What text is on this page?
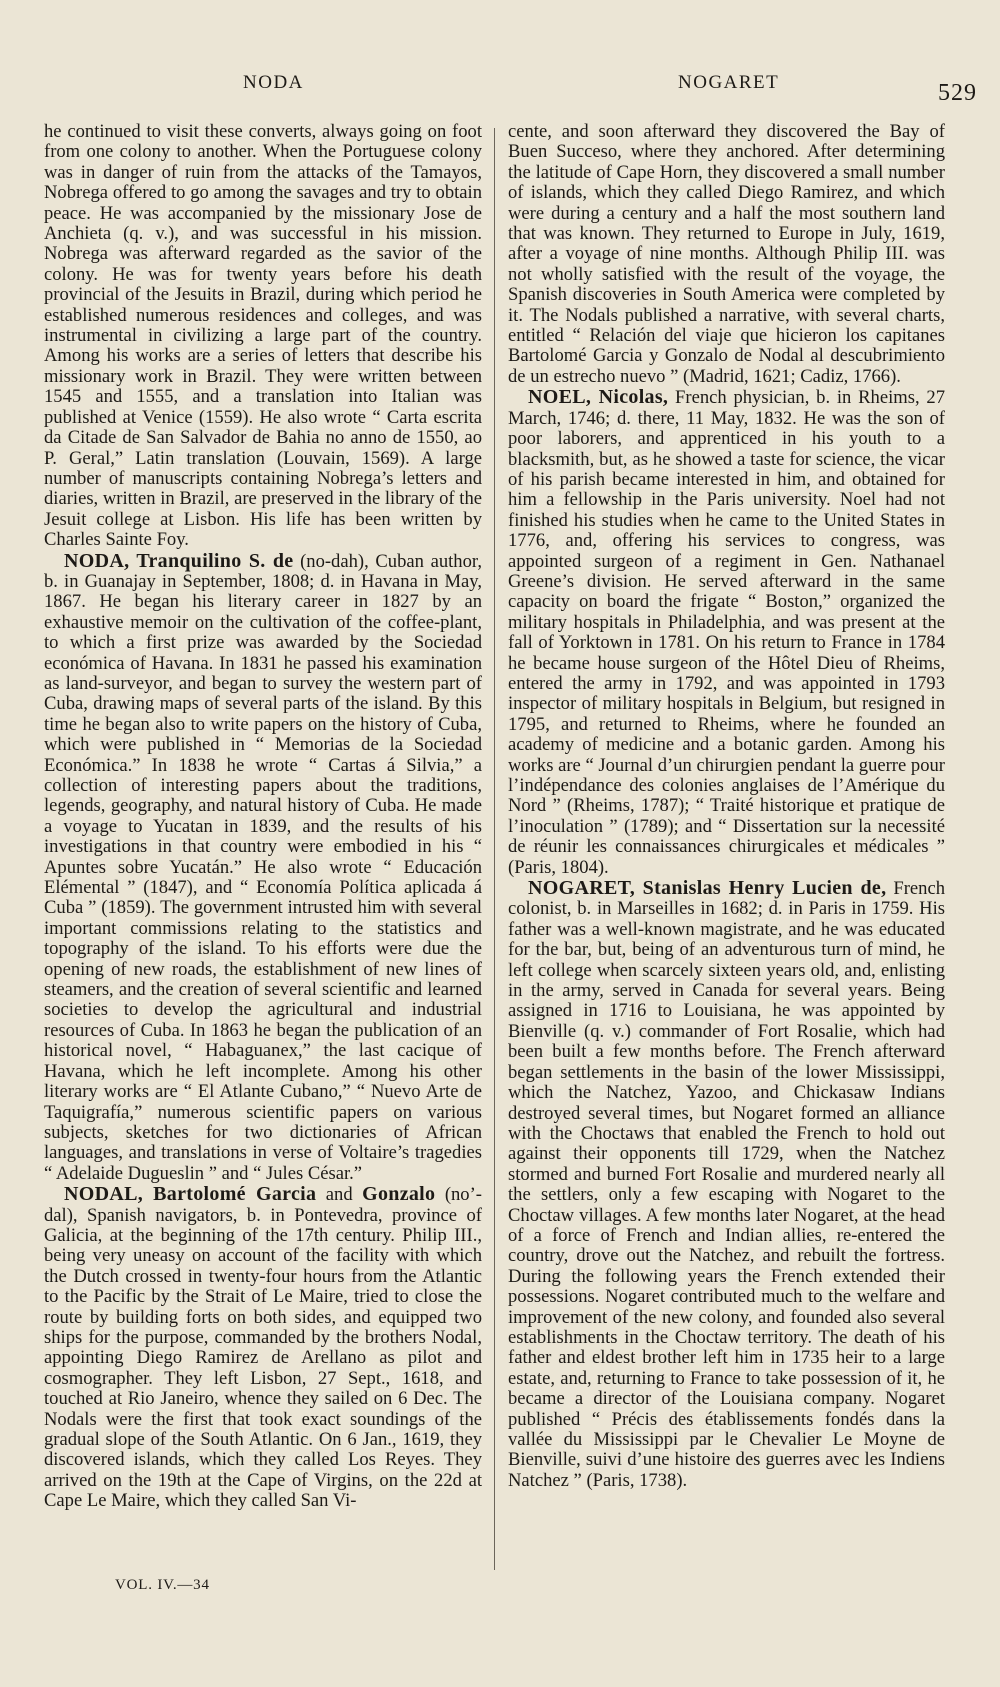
NODA	NOGARET	529

he continued to visit these converts, always going on foot from one colony to another. When the Portuguese colony was in danger of ruin from the attacks of the Tamayos, Nobrega offered to go among the savages and try to obtain peace. He was accompanied by the missionary Jose de Anchieta (q. v.), and was successful in his mission. Nobrega was afterward regarded as the savior of the colony. He was for twenty years before his death provincial of the Jesuits in Brazil, during which period he established numerous residences and colleges, and was instrumental in civilizing a large part of the country. Among his works are a series of letters that describe his missionary work in Brazil. They were written between 1545 and 1555, and a translation into Italian was published at Venice (1559). He also wrote “ Carta escrita da Citade de San Salvador de Bahia no anno de 1550, ao P. Geral,” Latin translation (Louvain, 1569). A large number of manuscripts containing Nobrega’s letters and diaries, written in Brazil, are preserved in the library of the Jesuit college at Lisbon. His life has been written by Charles Sainte Foy.

NODA, Tranquilino S. de (no-dah), Cuban author, b. in Guanajay in September, 1808; d. in Havana in May, 1867. He began his literary career in 1827 by an exhaustive memoir on the cultivation of the coffee-plant, to which a first prize was awarded by the Sociedad económica of Havana. In 1831 he passed his examination as land-surveyor, and began to survey the western part of Cuba, drawing maps of several parts of the island. By this time he began also to write papers on the history of Cuba, which were published in “ Memorias de la Sociedad Económica.” In 1838 he wrote “ Cartas á Silvia,” a collection of interesting papers about the traditions, legends, geography, and natural history of Cuba. He made a voyage to Yucatan in 1839, and the results of his investigations in that country were embodied in his “ Apuntes sobre Yucatán.” He also wrote “ Educación Elémental ” (1847), and “ Economía Política aplicada á Cuba ” (1859). The government intrusted him with several important commissions relating to the statistics and topography of the island. To his efforts were due the opening of new roads, the establishment of new lines of steamers, and the creation of several scientific and learned societies to develop the agricultural and industrial resources of Cuba. In 1863 he began the publication of an historical novel, “ Habaguanex,” the last cacique of Havana, which he left incomplete. Among his other literary works are “ El Atlante Cubano,” “ Nuevo Arte de Taquigrafía,” numerous scientific papers on various subjects, sketches for two dictionaries of African languages, and translations in verse of Voltaire’s tragedies “ Adelaide Dugueslin ” and “ Jules César.”

NODAL, Bartolomé Garcia and Gonzalo (no’-dal), Spanish navigators, b. in Pontevedra, province of Galicia, at the beginning of the 17th century. Philip III., being very uneasy on account of the facility with which the Dutch crossed in twenty-four hours from the Atlantic to the Pacific by the Strait of Le Maire, tried to close the route by building forts on both sides, and equipped two ships for the purpose, commanded by the brothers Nodal, appointing Diego Ramirez de Arellano as pilot and cosmographer. They left Lisbon, 27 Sept., 1618, and touched at Rio Janeiro, whence they sailed on 6 Dec. The Nodals were the first that took exact soundings of the gradual slope of the South Atlantic. On 6 Jan., 1619, they discovered islands, which they called Los Reyes. They arrived on the 19th at the Cape of Virgins, on the 22d at Cape Le Maire, which they called San Vi-

cente, and soon afterward they discovered the Bay of Buen Succeso, where they anchored. After determining the latitude of Cape Horn, they discovered a small number of islands, which they called Diego Ramirez, and which were during a century and a half the most southern land that was known. They returned to Europe in July, 1619, after a voyage of nine months. Although Philip III. was not wholly satisfied with the result of the voyage, the Spanish discoveries in South America were completed by it. The Nodals published a narrative, with several charts, entitled “ Relación del viaje que hicieron los capitanes Bartolomé Garcia y Gonzalo de Nodal al descubrimiento de un estrecho nuevo ” (Madrid, 1621; Cadiz, 1766).

NOEL, Nicolas, French physician, b. in Rheims, 27 March, 1746; d. there, 11 May, 1832. He was the son of poor laborers, and apprenticed in his youth to a blacksmith, but, as he showed a taste for science, the vicar of his parish became interested in him, and obtained for him a fellowship in the Paris university. Noel had not finished his studies when he came to the United States in 1776, and, offering his services to congress, was appointed surgeon of a regiment in Gen. Nathanael Greene’s division. He served afterward in the same capacity on board the frigate “ Boston,” organized the military hospitals in Philadelphia, and was present at the fall of Yorktown in 1781. On his return to France in 1784 he became house surgeon of the Hôtel Dieu of Rheims, entered the army in 1792, and was appointed in 1793 inspector of military hospitals in Belgium, but resigned in 1795, and returned to Rheims, where he founded an academy of medicine and a botanic garden. Among his works are “ Journal d’un chirurgien pendant la guerre pour l’indépendance des colonies anglaises de l’Amérique du Nord ” (Rheims, 1787); “ Traité historique et pratique de l’inoculation ” (1789); and “ Dissertation sur la necessité de réunir les connaissances chirurgicales et médicales ” (Paris, 1804).

NOGARET, Stanislas Henry Lucien de, French colonist, b. in Marseilles in 1682; d. in Paris in 1759. His father was a well-known magistrate, and he was educated for the bar, but, being of an adventurous turn of mind, he left college when scarcely sixteen years old, and, enlisting in the army, served in Canada for several years. Being assigned in 1716 to Louisiana, he was appointed by Bienville (q. v.) commander of Fort Rosalie, which had been built a few months before. The French afterward began settlements in the basin of the lower Mississippi, which the Natchez, Yazoo, and Chickasaw Indians destroyed several times, but Nogaret formed an alliance with the Choctaws that enabled the French to hold out against their opponents till 1729, when the Natchez stormed and burned Fort Rosalie and murdered nearly all the settlers, only a few escaping with Nogaret to the Choctaw villages. A few months later Nogaret, at the head of a force of French and Indian allies, re-entered the country, drove out the Natchez, and rebuilt the fortress. During the following years the French extended their possessions. Nogaret contributed much to the welfare and improvement of the new colony, and founded also several establishments in the Choctaw territory. The death of his father and eldest brother left him in 1735 heir to a large estate, and, returning to France to take possession of it, he became a director of the Louisiana company. Nogaret published “ Précis des établissements fondés dans la vallée du Mississippi par le Chevalier Le Moyne de Bienville, suivi d’une histoire des guerres avec les Indiens Natchez ” (Paris, 1738).

VOL. IV.—34
